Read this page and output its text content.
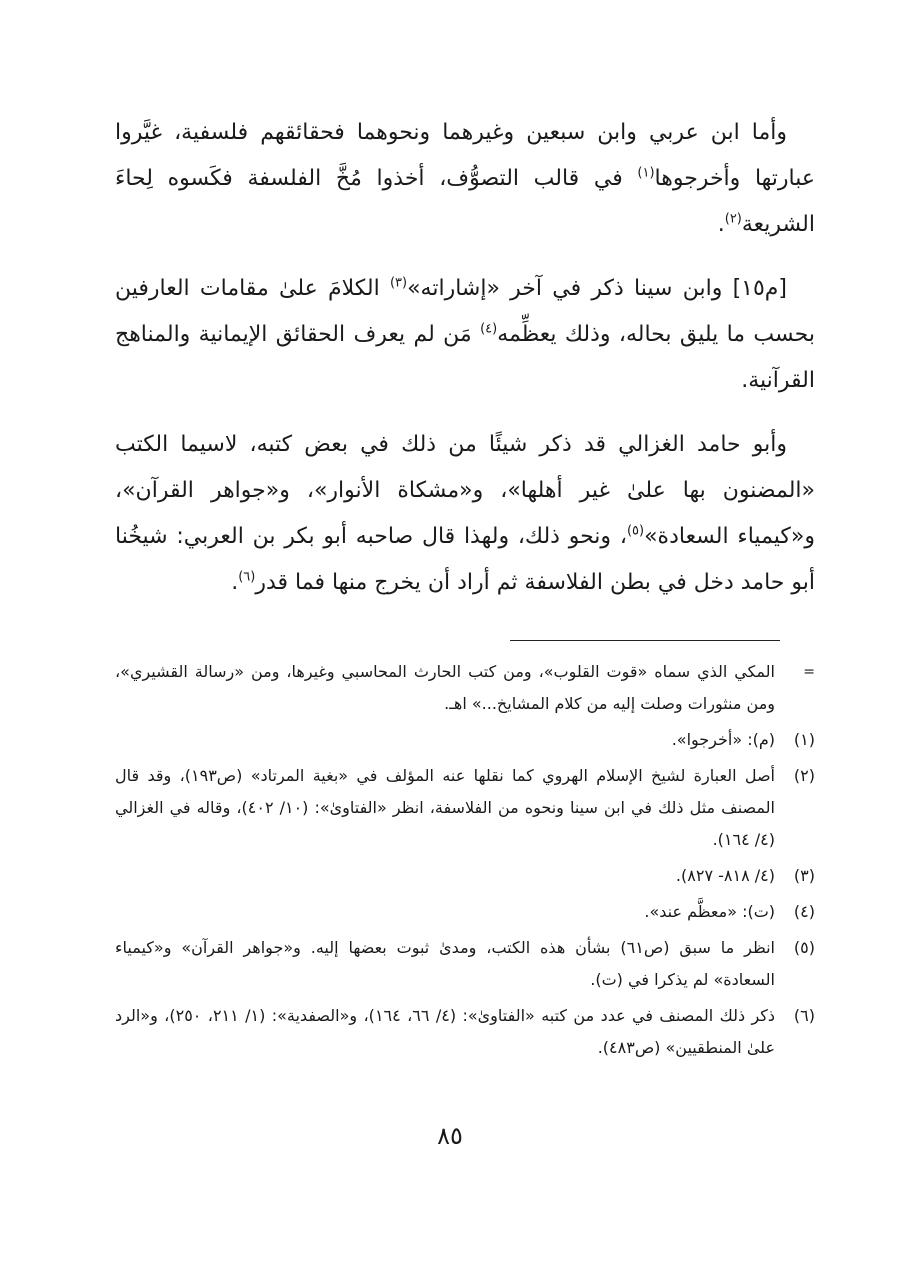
وأما ابن عربي وابن سبعين وغيرهما ونحوهما فحقائقهم فلسفية، غيَّروا عبارتها وأخرجوها$^{(١)}$ في قالب التصوُّف، أخذوا مُخَّ الفلسفة فكَسوه لِحاءَ الشريعة$^{(٢)}$.

[م١٥] وابن سينا ذكر في آخر «إشاراته»$^{(٣)}$ الكلامَ علىٰ مقامات العارفين بحسب ما يليق بحاله، وذلك يعظِّمه$^{(٤)}$ مَن لم يعرف الحقائق الإيمانية والمناهج القرآنية.

وأبو حامد الغزالي قد ذكر شيئًا من ذلك في بعض كتبه، لاسيما الكتب «المضنون بها علىٰ غير أهلها»، و«مشكاة الأنوار»، و«جواهر القرآن»، و«كيمياء السعادة»$^{(٥)}$، ونحو ذلك، ولهذا قال صاحبه أبو بكر بن العربي: شيخُنا أبو حامد دخل في بطن الفلاسفة ثم أراد أن يخرج منها فما قدر$^{(٦)}$.

=
المكي الذي سماه «قوت القلوب»، ومن كتب الحارث المحاسبي وغيرها، ومن «رسالة القشيري»، ومن منثورات وصلت إليه من كلام المشايخ...» اهـ.
(١)
(م): «أخرجوا».
(٢)
أصل العبارة لشيخ الإسلام الهروي كما نقلها عنه المؤلف في «بغية المرتاد» (ص١٩٣)، وقد قال المصنف مثل ذلك في ابن سينا ونحوه من الفلاسفة، انظر «الفتاوىٰ»: (١٠/ ٤٠٢)، وقاله في الغزالي (٤/ ١٦٤).
(٣)
(٤/ ٨١٨- ٨٢٧).
(٤)
(ت): «معظَّم عند».
(٥)
انظر ما سبق (ص٦١) بشأن هذه الكتب، ومدىٰ ثبوت بعضها إليه. و«جواهر القرآن» و«كيمياء السعادة» لم يذكرا في (ت).
(٦)
ذكر ذلك المصنف في عدد من كتبه «الفتاوىٰ»: (٤/ ٦٦، ١٦٤)، و«الصفدية»: (١/ ٢١١، ٢٥٠)، و«الرد علىٰ المنطقيين» (ص٤٨٣).
٨٥
